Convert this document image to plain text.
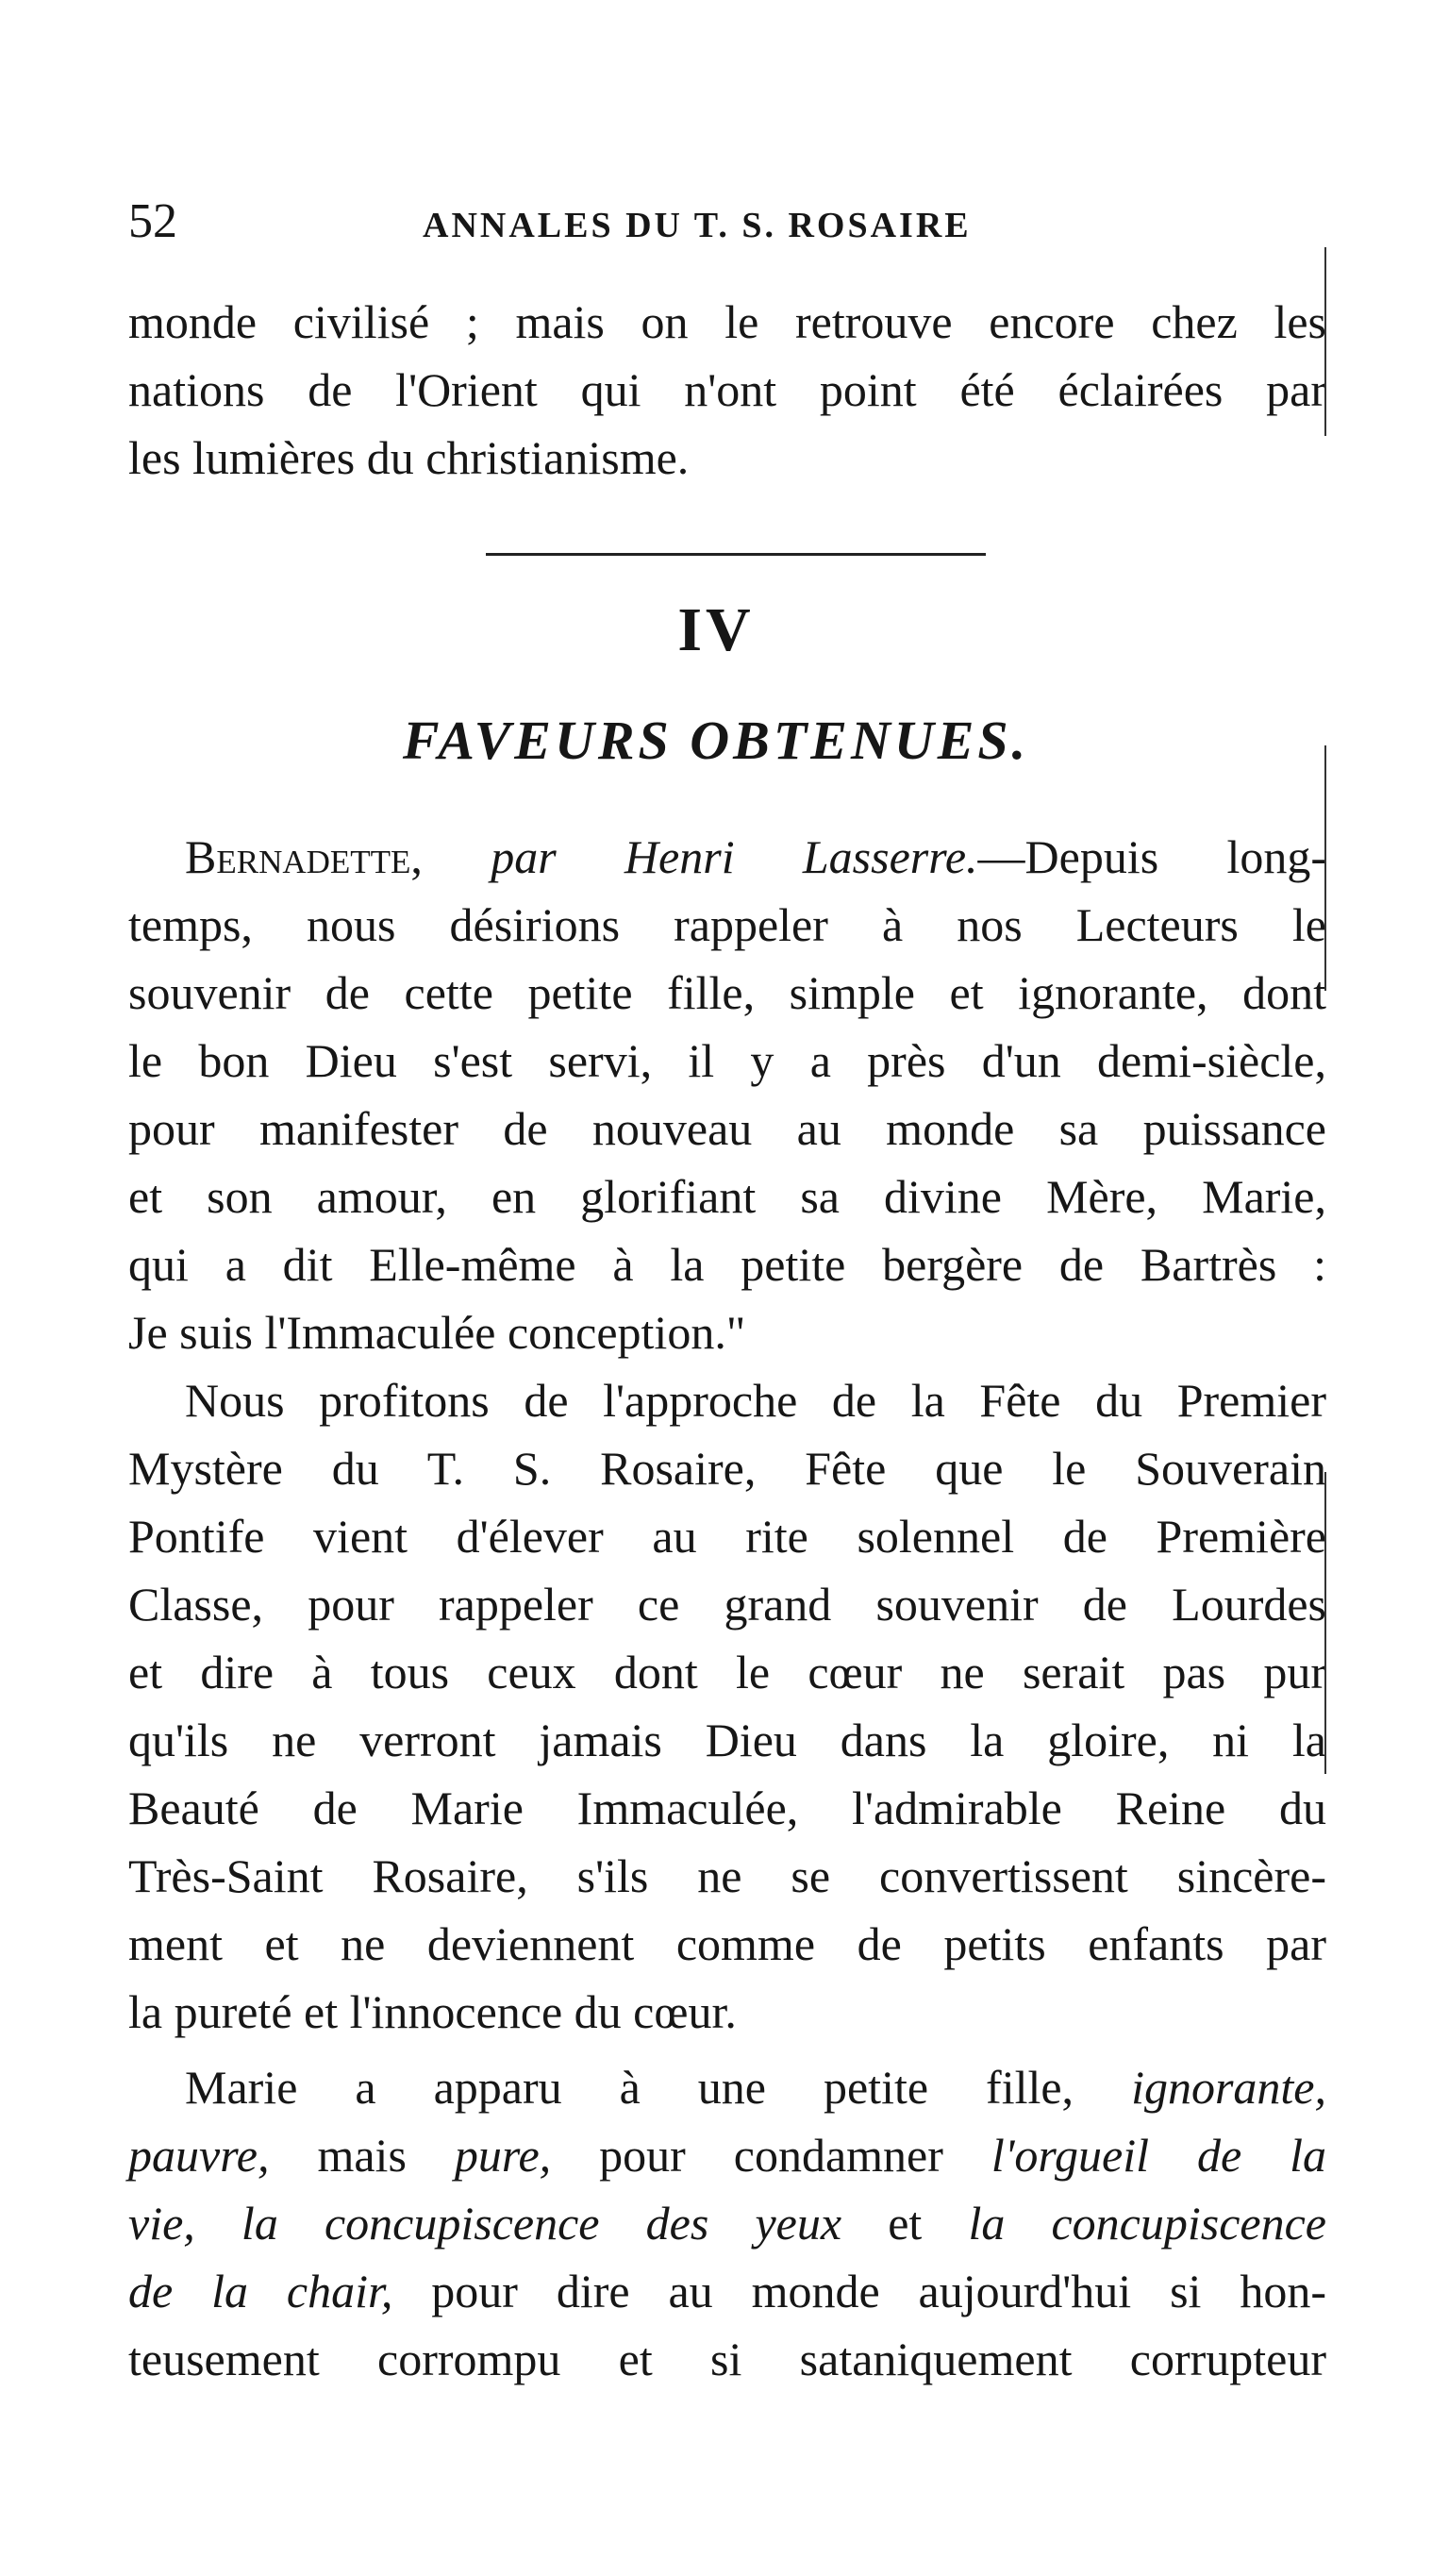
52	ANNALES DU T. S. ROSAIRE
monde civilisé ; mais on le retrouve encore chez les
nations de l'Orient qui n'ont point été éclairées par
les lumières du christianisme.
IV
FAVEURS OBTENUES.
Bernadette, par Henri Lasserre.—Depuis long-
temps, nous désirions rappeler à nos Lecteurs le
souvenir de cette petite fille, simple et ignorante, dont
le bon Dieu s'est servi, il y a près d'un demi-siècle,
pour manifester de nouveau au monde sa puissance
et son amour, en glorifiant sa divine Mère, Marie,
qui a dit Elle-même à la petite bergère de Bartrès :
Je suis l'Immaculée conception."
Nous profitons de l'approche de la Fête du Premier
Mystère du T. S. Rosaire, Fête que le Souverain
Pontife vient d'élever au rite solennel de Première
Classe, pour rappeler ce grand souvenir de Lourdes
et dire à tous ceux dont le cœur ne serait pas pur
qu'ils ne verront jamais Dieu dans la gloire, ni la
Beauté de Marie Immaculée, l'admirable Reine du
Très-Saint Rosaire, s'ils ne se convertissent sincère-
ment et ne deviennent comme de petits enfants par
la pureté et l'innocence du cœur.
Marie a apparu à une petite fille, ignorante,
pauvre, mais pure, pour condamner l'orgueil de la
vie, la concupiscence des yeux et la concupiscence
de la chair, pour dire au monde aujourd'hui si hon-
teusement corrompu et si sataniquement corrupteur
